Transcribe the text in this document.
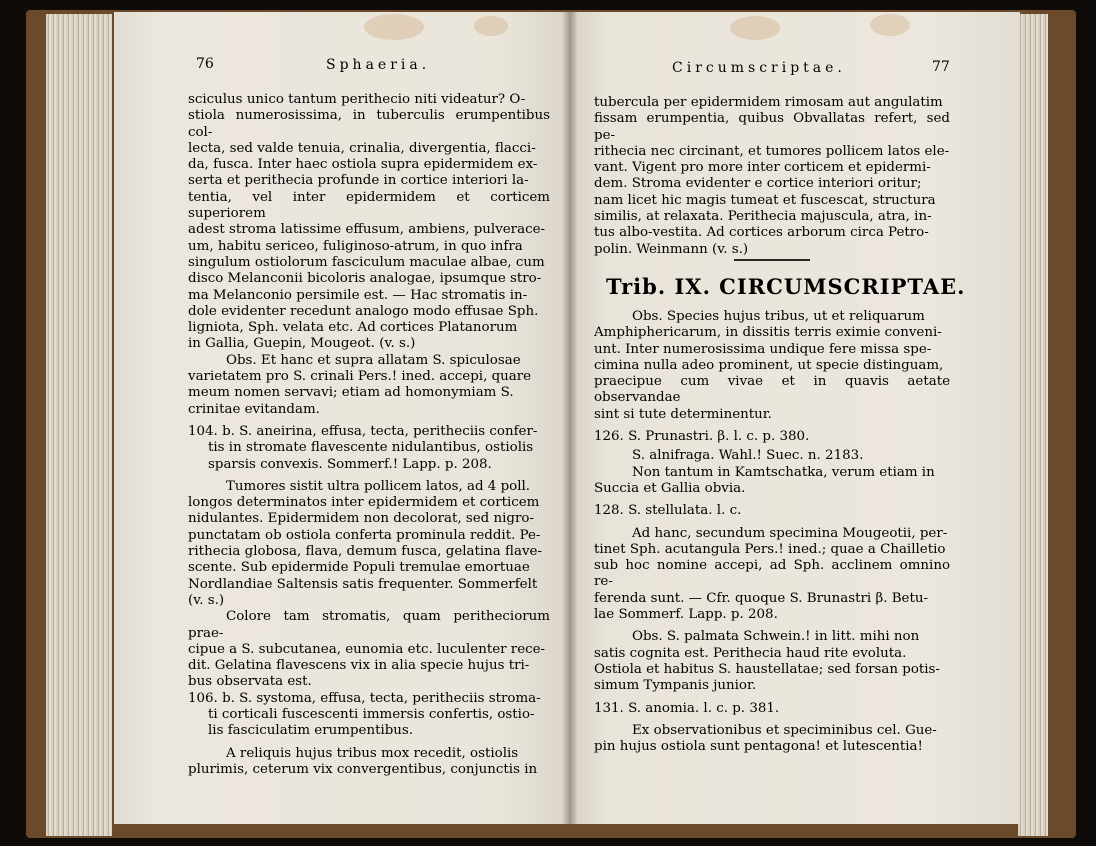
76	Sphaeria.

sciculus unico tantum perithecio niti videatur? O-

stiola numerosissima, in tuberculis erumpentibus col-

lecta, sed valde tenuia, crinalia, divergentia, flacci-

da, fusca. Inter haec ostiola supra epidermidem ex-

serta et perithecia profunde in cortice interiori la-

tentia, vel inter epidermidem et corticem superiorem

adest stroma latissime effusum, ambiens, pulverace-

um, habitu sericeo, fuliginoso-atrum, in quo infra

singulum ostiolorum fasciculum maculae albae, cum

disco Melanconii bicoloris analogae, ipsumque stro-

ma Melanconio persimile est. — Hac stromatis in-

dole evidenter recedunt analogo modo effusae Sph.

ligniota, Sph. velata etc. Ad cortices Platanorum

in Gallia, Guepin, Mougeot. (v. s.)

Obs. Et hanc et supra allatam S. spiculosae

varietatem pro S. crinali Pers.! ined. accepi, quare

meum nomen servavi; etiam ad homonymiam S.

crinitae evitandam.

104. b. S. aneirina, effusa, tecta, peritheciis confer-

tis in stromate flavescente nidulantibus, ostiolis

sparsis convexis. Sommerf.! Lapp. p. 208.

Tumores sistit ultra pollicem latos, ad 4 poll.

longos determinatos inter epidermidem et corticem

nidulantes. Epidermidem non decolorat, sed nigro-

punctatam ob ostiola conferta prominula reddit. Pe-

rithecia globosa, flava, demum fusca, gelatina flave-

scente. Sub epidermide Populi tremulae emortuae

Nordlandiae Saltensis satis frequenter. Sommerfelt

(v. s.)

Colore tam stromatis, quam peritheciorum prae-

cipue a S. subcutanea, eunomia etc. luculenter rece-

dit. Gelatina flavescens vix in alia specie hujus tri-

bus observata est.

106. b. S. systoma, effusa, tecta, peritheciis stroma-

ti corticali fuscescenti immersis confertis, ostio-

lis fasciculatim erumpentibus.

A reliquis hujus tribus mox recedit, ostiolis

plurimis, ceterum vix convergentibus, conjunctis in

Circumscriptae.	77

tubercula per epidermidem rimosam aut angulatim

fissam erumpentia, quibus Obvallatas refert, sed pe-

rithecia nec circinant, et tumores pollicem latos ele-

vant. Vigent pro more inter corticem et epidermi-

dem. Stroma evidenter e cortice interiori oritur;

nam licet hic magis tumeat et fuscescat, structura

similis, at relaxata. Perithecia majuscula, atra, in-

tus albo-vestita. Ad cortices arborum circa Petro-

polin. Weinmann (v. s.)

Trib. IX. CIRCUMSCRIPTAE.

Obs. Species hujus tribus, ut et reliquarum

Amphiphericarum, in dissitis terris eximie conveni-

unt. Inter numerosissima undique fere missa spe-

cimina nulla adeo prominent, ut specie distinguam,

praecipue cum vivae et in quavis aetate observandae

sint si tute determinentur.

126. S. Prunastri. β. l. c. p. 380.

S. alnifraga. Wahl.! Suec. n. 2183.

Non tantum in Kamtschatka, verum etiam in

Succia et Gallia obvia.

128. S. stellulata. l. c.

Ad hanc, secundum specimina Mougeotii, per-

tinet Sph. acutangula Pers.! ined.; quae a Chailletio

sub hoc nomine accepi, ad Sph. acclinem omnino re-

ferenda sunt. — Cfr. quoque S. Brunastri β. Betu-

lae Sommerf. Lapp. p. 208.

Obs. S. palmata Schwein.! in litt. mihi non

satis cognita est. Perithecia haud rite evoluta.

Ostiola et habitus S. haustellatae; sed forsan potis-

simum Tympanis junior.

131. S. anomia. l. c. p. 381.

Ex observationibus et speciminibus cel. Gue-

pin hujus ostiola sunt pentagona! et lutescentia!
